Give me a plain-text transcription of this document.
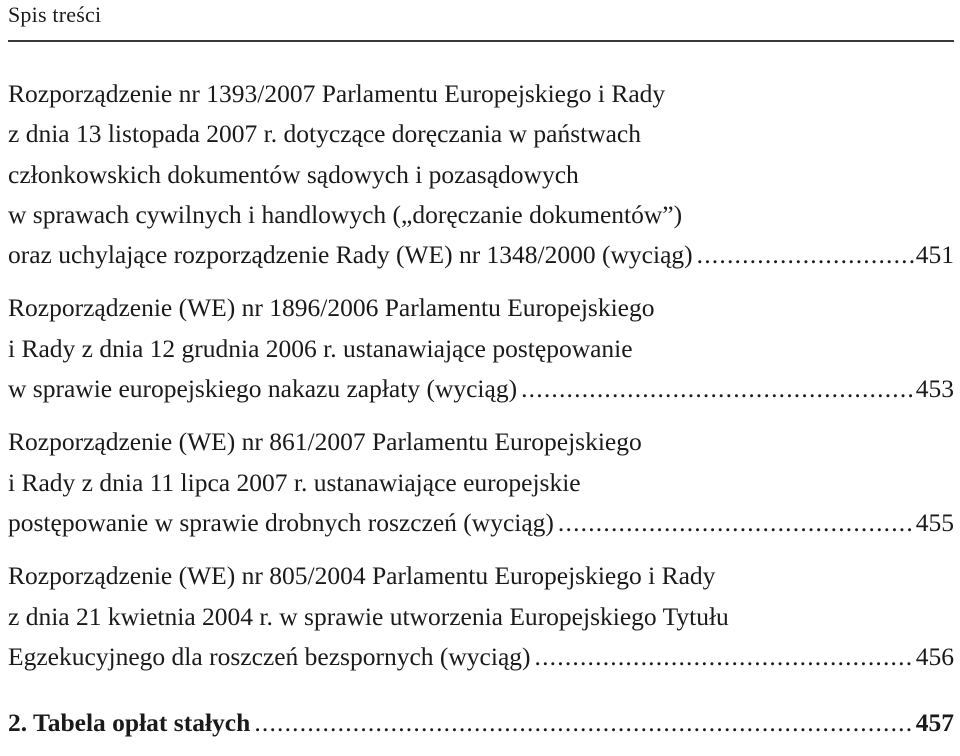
Spis treści
Rozporządzenie nr 1393/2007 Parlamentu Europejskiego i Rady
z dnia 13 listopada 2007 r. dotyczące doręczania w państwach
członkowskich dokumentów sądowych i pozasądowych
w sprawach cywilnych i handlowych („doręczanie dokumentów”)
oraz uchylające rozporządzenie Rady (WE) nr 1348/2000 (wyciąg) .....	451
Rozporządzenie (WE) nr 1896/2006 Parlamentu Europejskiego
i Rady z dnia 12 grudnia 2006 r. ustanawiające postępowanie
w sprawie europejskiego nakazu zapłaty (wyciąg) .....	453
Rozporządzenie (WE) nr 861/2007 Parlamentu Europejskiego
i Rady z dnia 11 lipca 2007 r. ustanawiające europejskie
postępowanie w sprawie drobnych roszczeń (wyciąg) .....	455
Rozporządzenie (WE) nr 805/2004 Parlamentu Europejskiego i Rady
z dnia 21 kwietnia 2004 r. w sprawie utworzenia Europejskiego Tytułu
Egzekucyjnego dla roszczeń bezspornych (wyciąg) .....	456
2. Tabela opłat stałych .....	457
